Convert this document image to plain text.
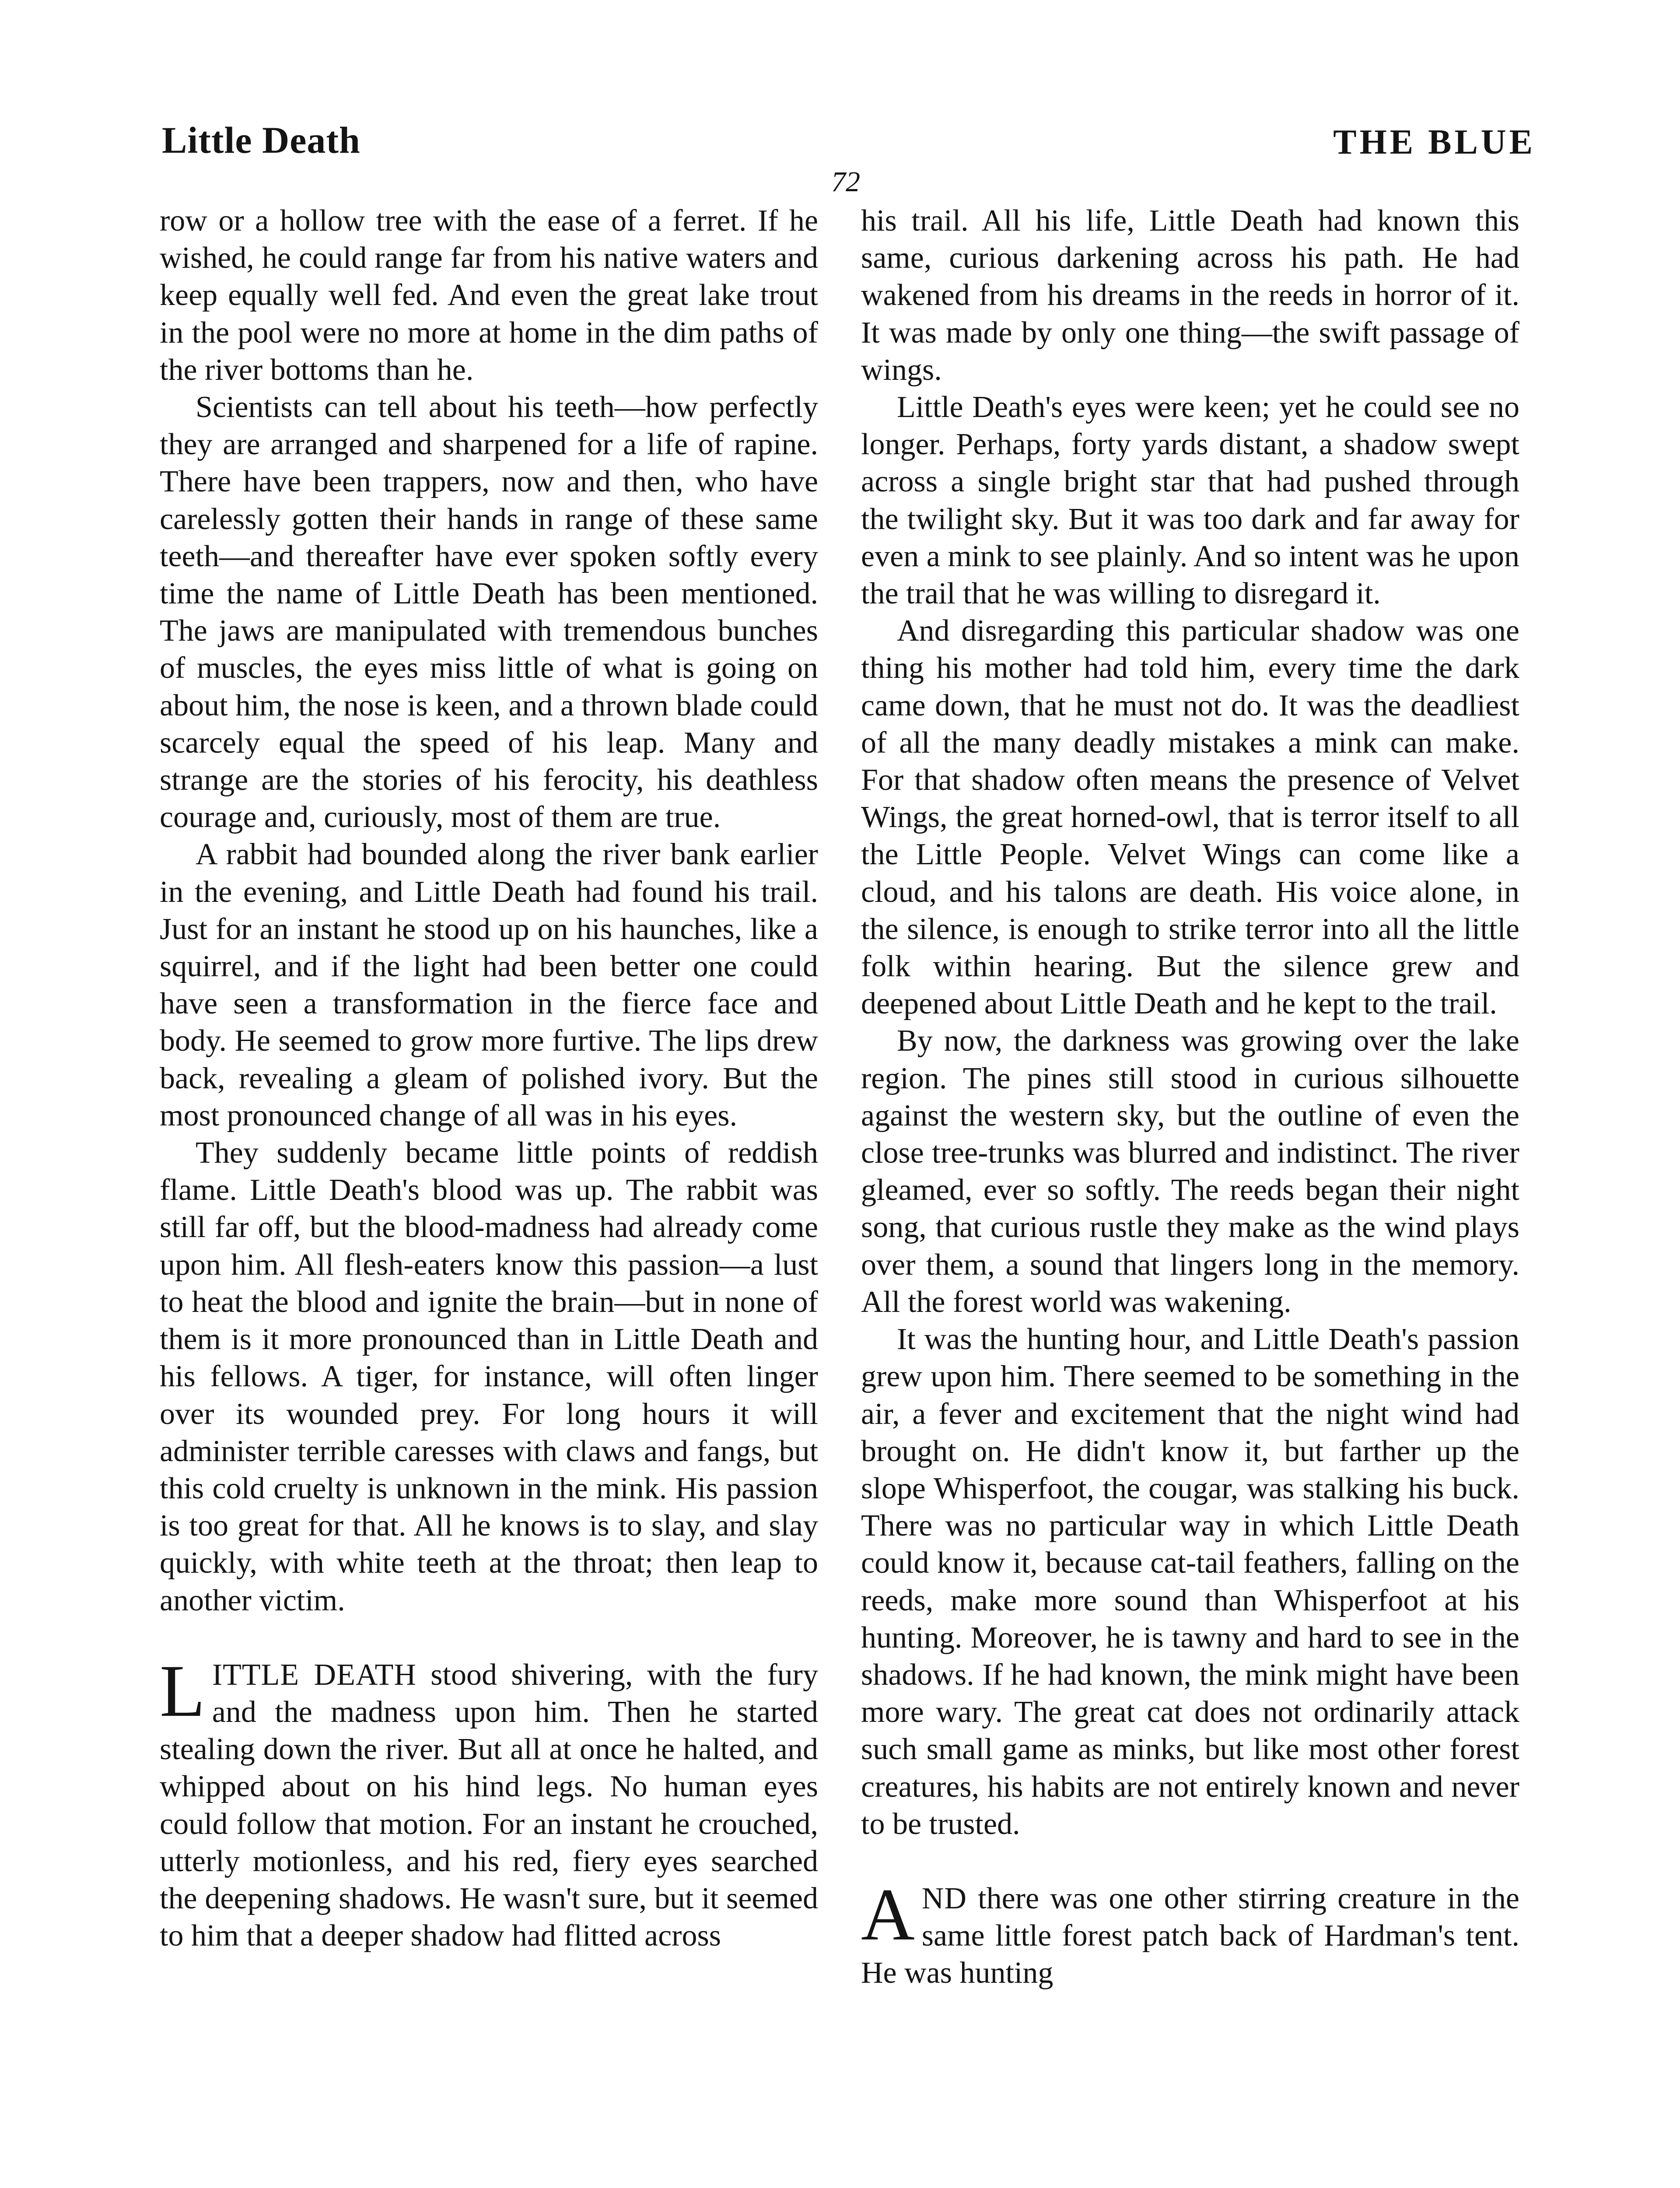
Little Death	THE BLUE
72

row or a hollow tree with the ease of a ferret. If he wished, he could range far from his native waters and keep equally well fed. And even the great lake trout in the pool were no more at home in the dim paths of the river bottoms than he.

Scientists can tell about his teeth—how perfectly they are arranged and sharpened for a life of rapine. There have been trappers, now and then, who have carelessly gotten their hands in range of these same teeth—and thereafter have ever spoken softly every time the name of Little Death has been mentioned. The jaws are manipulated with tremendous bunches of muscles, the eyes miss little of what is going on about him, the nose is keen, and a thrown blade could scarcely equal the speed of his leap. Many and strange are the stories of his ferocity, his deathless courage and, curiously, most of them are true.

A rabbit had bounded along the river bank earlier in the evening, and Little Death had found his trail. Just for an instant he stood up on his haunches, like a squirrel, and if the light had been better one could have seen a transformation in the fierce face and body. He seemed to grow more furtive. The lips drew back, revealing a gleam of polished ivory. But the most pronounced change of all was in his eyes.

They suddenly became little points of reddish flame. Little Death's blood was up. The rabbit was still far off, but the blood-madness had already come upon him. All flesh-eaters know this passion—a lust to heat the blood and ignite the brain—but in none of them is it more pronounced than in Little Death and his fellows. A tiger, for instance, will often linger over its wounded prey. For long hours it will administer terrible caresses with claws and fangs, but this cold cruelty is unknown in the mink. His passion is too great for that. All he knows is to slay, and slay quickly, with white teeth at the throat; then leap to another victim.

LITTLE DEATH stood shivering, with the fury and the madness upon him. Then he started stealing down the river. But all at once he halted, and whipped about on his hind legs. No human eyes could follow that motion. For an instant he crouched, utterly motionless, and his red, fiery eyes searched the deepening shadows. He wasn't sure, but it seemed to him that a deeper shadow had flitted across

his trail. All his life, Little Death had known this same, curious darkening across his path. He had wakened from his dreams in the reeds in horror of it. It was made by only one thing—the swift passage of wings.

Little Death's eyes were keen; yet he could see no longer. Perhaps, forty yards distant, a shadow swept across a single bright star that had pushed through the twilight sky. But it was too dark and far away for even a mink to see plainly. And so intent was he upon the trail that he was willing to disregard it.

And disregarding this particular shadow was one thing his mother had told him, every time the dark came down, that he must not do. It was the deadliest of all the many deadly mistakes a mink can make. For that shadow often means the presence of Velvet Wings, the great horned-owl, that is terror itself to all the Little People. Velvet Wings can come like a cloud, and his talons are death. His voice alone, in the silence, is enough to strike terror into all the little folk within hearing. But the silence grew and deepened about Little Death and he kept to the trail.

By now, the darkness was growing over the lake region. The pines still stood in curious silhouette against the western sky, but the outline of even the close tree-trunks was blurred and indistinct. The river gleamed, ever so softly. The reeds began their night song, that curious rustle they make as the wind plays over them, a sound that lingers long in the memory. All the forest world was wakening.

It was the hunting hour, and Little Death's passion grew upon him. There seemed to be something in the air, a fever and excitement that the night wind had brought on. He didn't know it, but farther up the slope Whisperfoot, the cougar, was stalking his buck. There was no particular way in which Little Death could know it, because cat-tail feathers, falling on the reeds, make more sound than Whisperfoot at his hunting. Moreover, he is tawny and hard to see in the shadows. If he had known, the mink might have been more wary. The great cat does not ordinarily attack such small game as minks, but like most other forest creatures, his habits are not entirely known and never to be trusted.

AND there was one other stirring creature in the same little forest patch back of Hardman's tent. He was hunting
